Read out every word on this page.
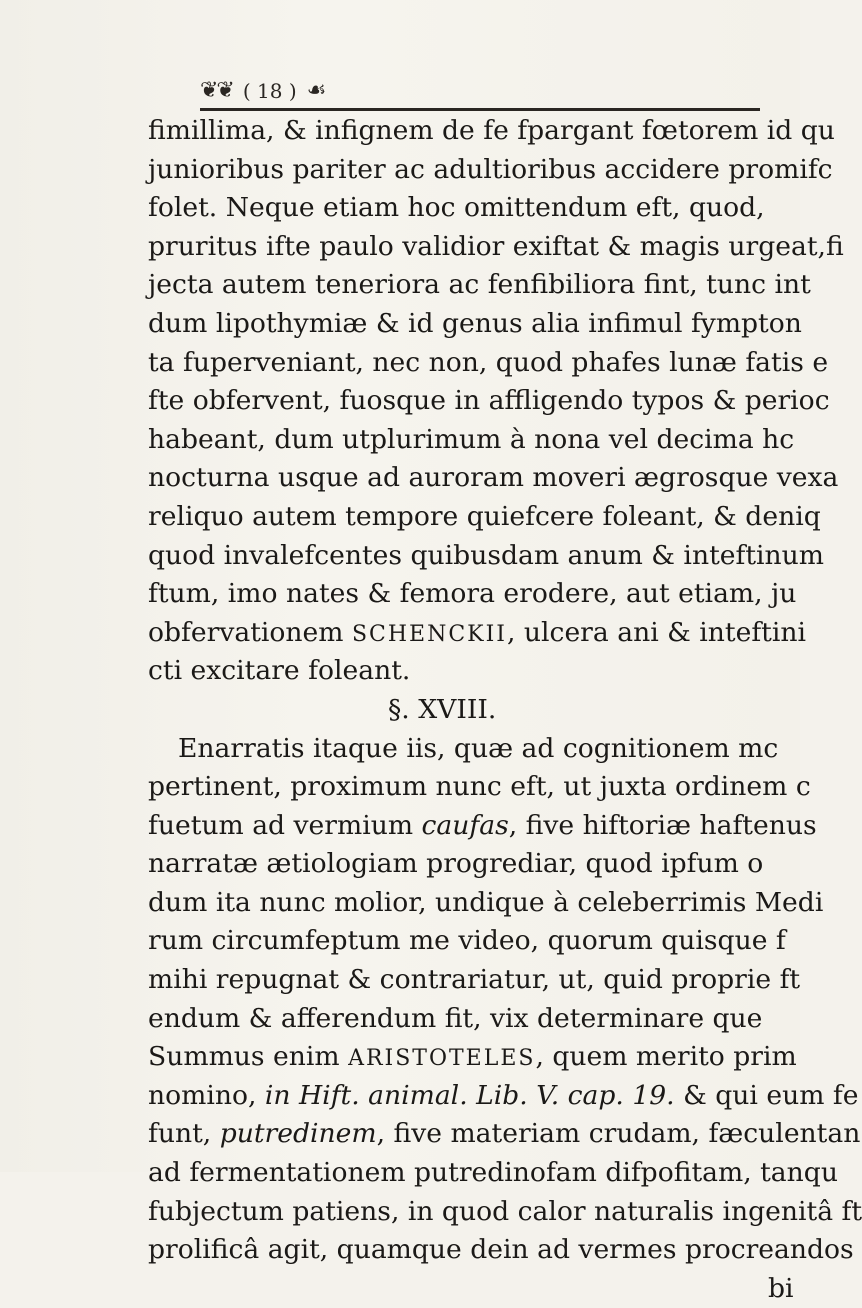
❦❦ ( 18 ) ☙
fimillima, & infignem de fe fpargant fœtorem id qu
junioribus pariter ac adultioribus accidere promifc
folet. Neque etiam hoc omittendum eft, quod,
pruritus ifte paulo validior exiftat & magis urgeat,fi
jecta autem teneriora ac fenfibiliora fint, tunc int
dum lipothymiæ & id genus alia infimul fympton
ta fuperveniant, nec non, quod phafes lunæ fatis e
fte obfervent, fuosque in affligendo typos & perioc
habeant, dum utplurimum à nona vel decima hc
nocturna usque ad auroram moveri ægrosque vexa
reliquo autem tempore quiefcere foleant, & deniq
quod invalefcentes quibusdam anum & inteftinum
ftum, imo nates & femora erodere, aut etiam, ju
obfervationem SCHENCKII, ulcera ani & inteftini
cti excitare foleant.
§. XVIII.
Enarratis itaque iis, quæ ad cognitionem mc
pertinent, proximum nunc eft, ut juxta ordinem c
fuetum ad vermium caufas, five hiftoriæ haftenus
narratæ ætiologiam progrediar, quod ipfum o
dum ita nunc molior, undique à celeberrimis Medi
rum circumfeptum me video, quorum quisque f
mihi repugnat & contrariatur, ut, quid proprie ft
endum & afferendum fit, vix determinare que
Summus enim ARISTOTELES, quem merito prim
nomino, in Hift. animal. Lib. V. cap. 19. & qui eum fe
funt, putredinem, five materiam crudam, fæculentan
ad fermentationem putredinofam difpofitam, tanqu
fubjectum patiens, in quod calor naturalis ingenitâ ft
prolificâ agit, quamque dein ad vermes procreandos
bi
